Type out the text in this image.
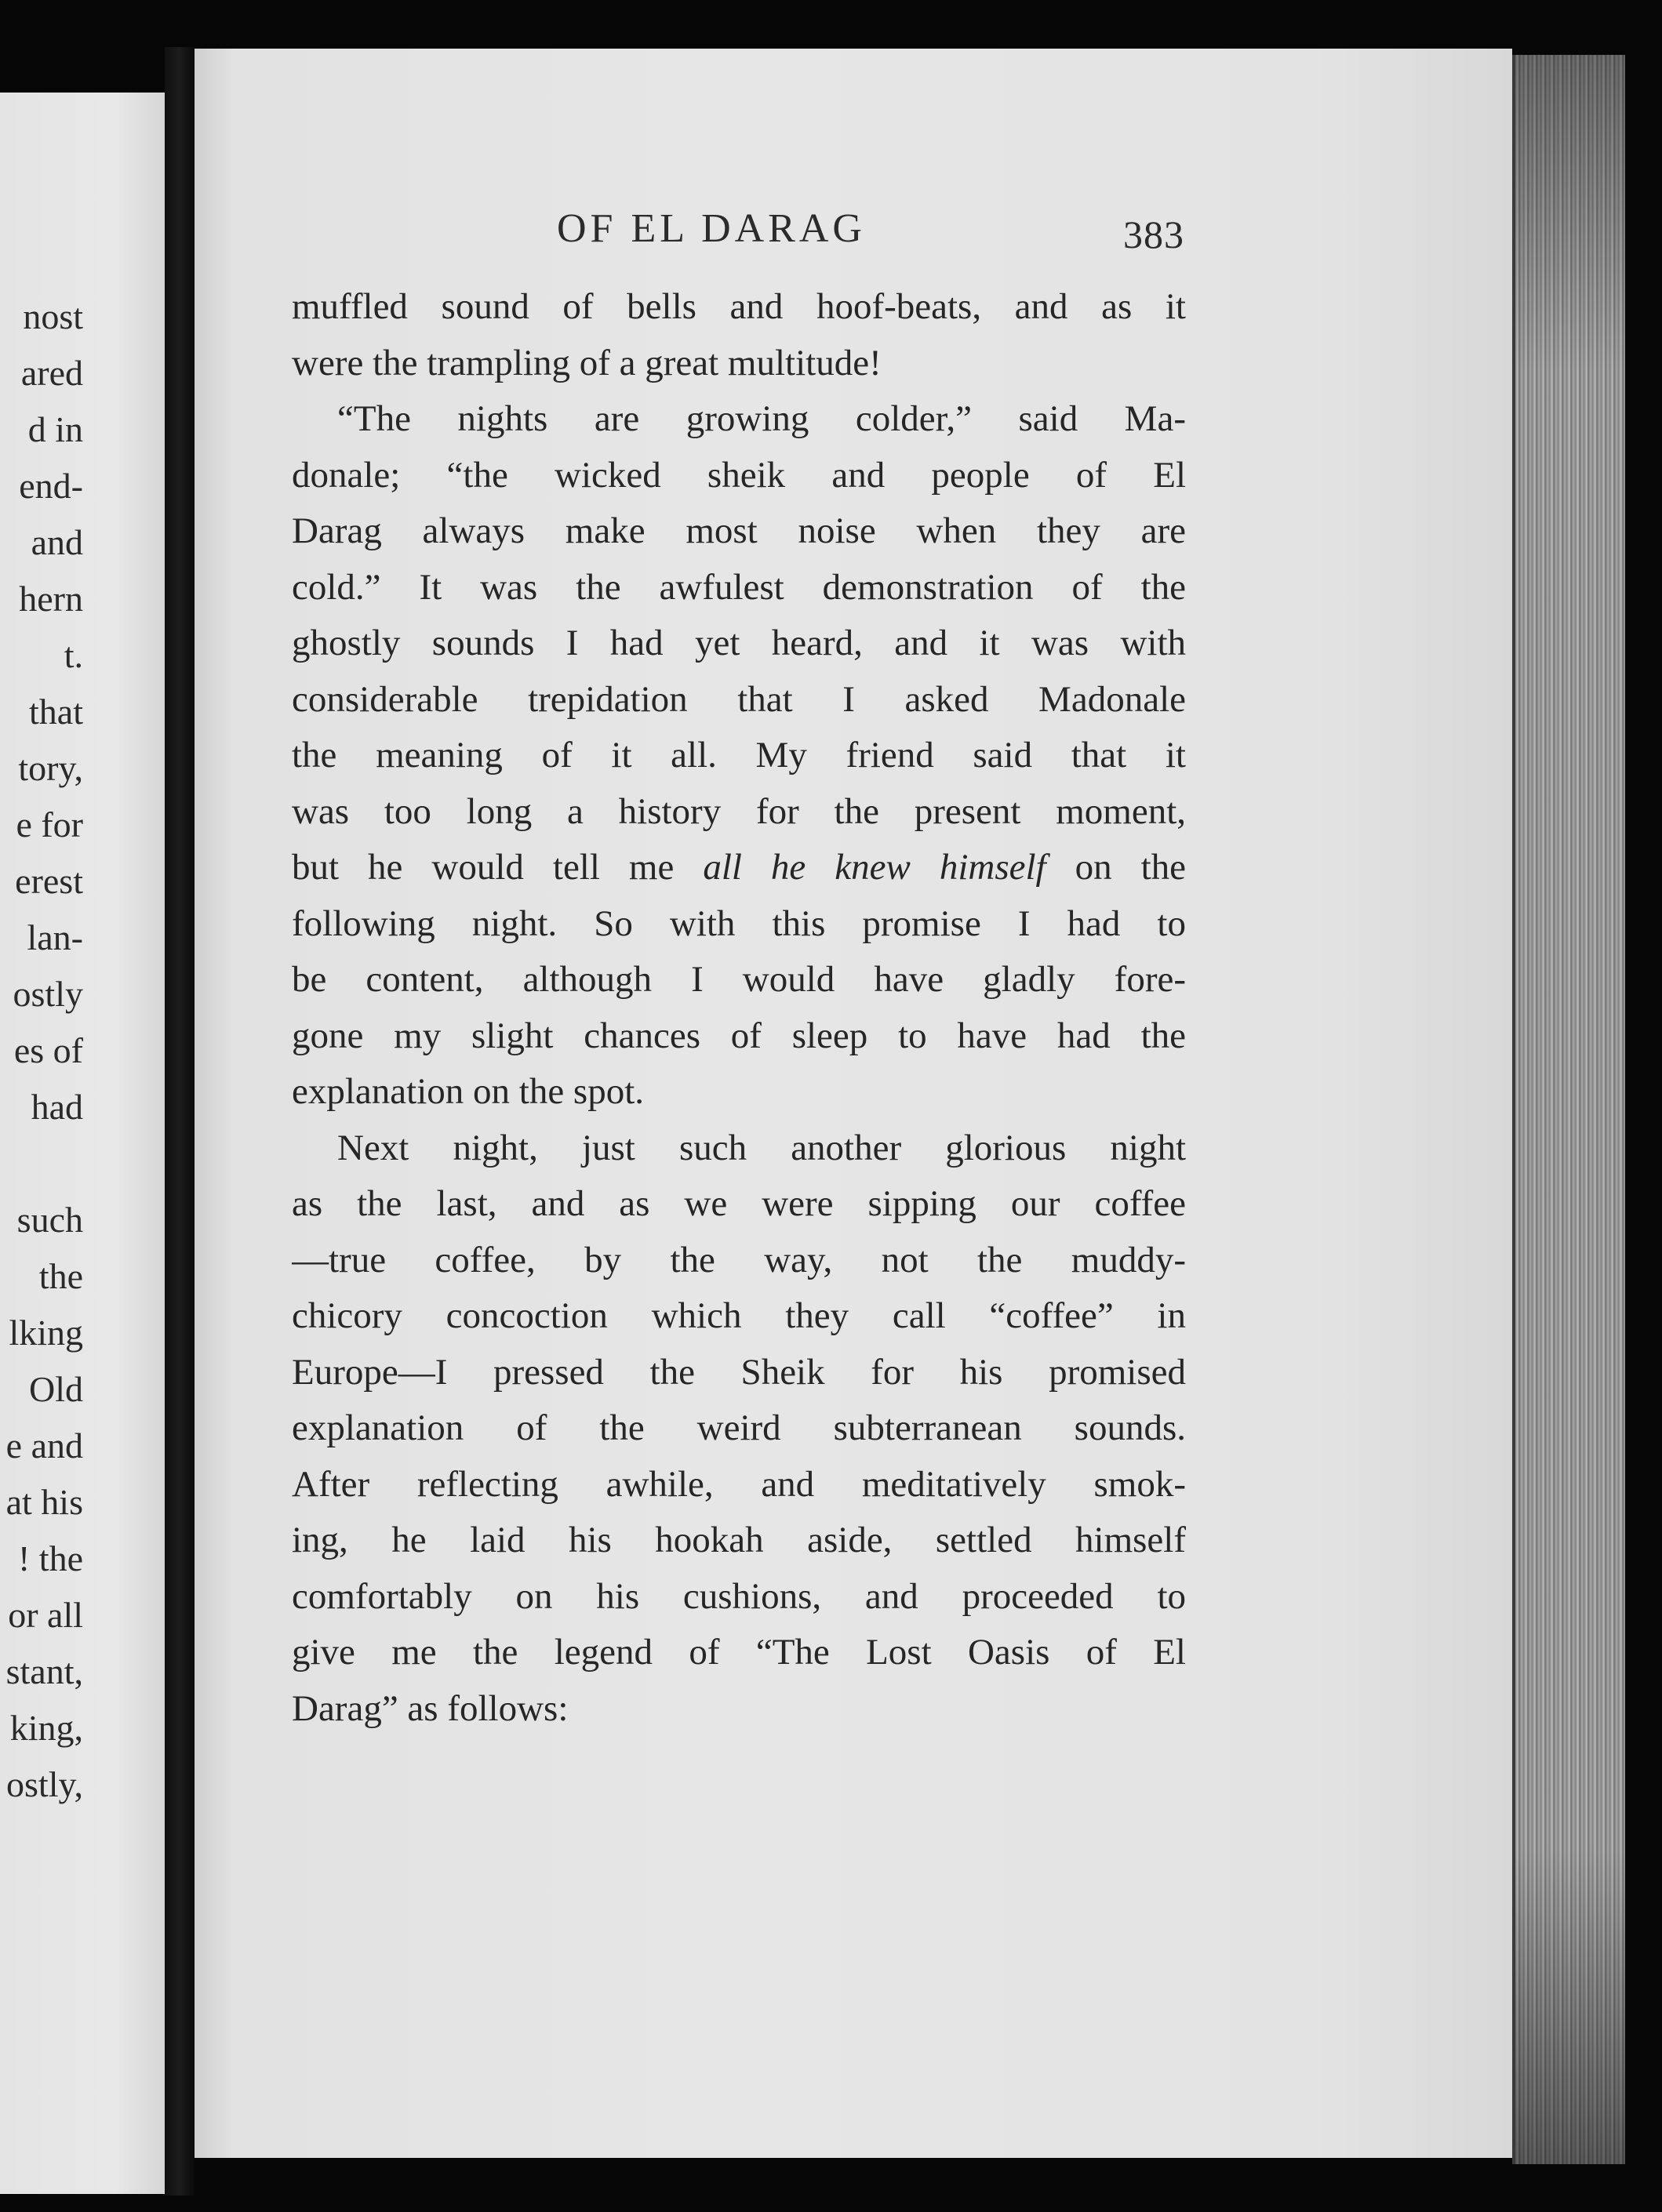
nost
ared
d in
end-
and
hern
t.
that
tory,
e for
erest
lan-
ostly
es of
had
such
the
lking
Old
e and
at his
! the
or all
stant,
king,
ostly,
OF EL DARAG	383
muffled sound of bells and hoof-beats, and as it
were the trampling of a great multitude!
“The nights are growing colder,” said Ma-
donale; “the wicked sheik and people of El
Darag always make most noise when they are
cold.” It was the awfulest demonstration of the
ghostly sounds I had yet heard, and it was with
considerable trepidation that I asked Madonale
the meaning of it all. My friend said that it
was too long a history for the present moment,
but he would tell me all he knew himself on the
following night. So with this promise I had to
be content, although I would have gladly fore-
gone my slight chances of sleep to have had the
explanation on the spot.
Next night, just such another glorious night
as the last, and as we were sipping our coffee
—true coffee, by the way, not the muddy-
chicory concoction which they call “coffee” in
Europe—I pressed the Sheik for his promised
explanation of the weird subterranean sounds.
After reflecting awhile, and meditatively smok-
ing, he laid his hookah aside, settled himself
comfortably on his cushions, and proceeded to
give me the legend of “The Lost Oasis of El
Darag” as follows:
